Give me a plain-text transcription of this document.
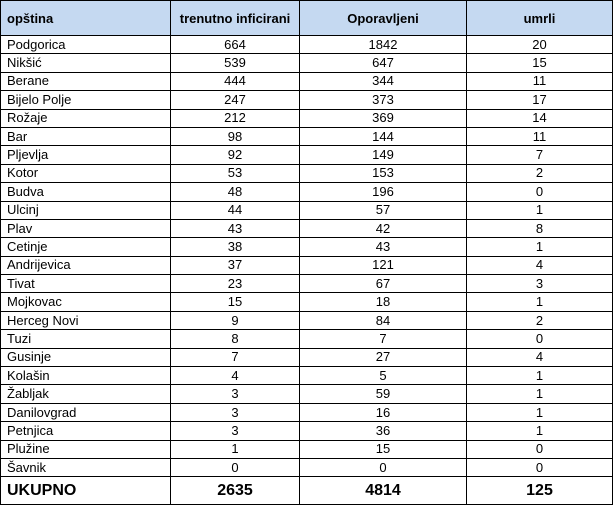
opština	trenutno inficirani	Oporavljeni	umrli
Podgorica	664	1842	20
Nikšić	539	647	15
Berane	444	344	11
Bijelo Polje	247	373	17
Rožaje	212	369	14
Bar	98	144	11
Pljevlja	92	149	7
Kotor	53	153	2
Budva	48	196	0
Ulcinj	44	57	1
Plav	43	42	8
Cetinje	38	43	1
Andrijevica	37	121	4
Tivat	23	67	3
Mojkovac	15	18	1
Herceg Novi	9	84	2
Tuzi	8	7	0
Gusinje	7	27	4
Kolašin	4	5	1
Žabljak	3	59	1
Danilovgrad	3	16	1
Petnjica	3	36	1
Plužine	1	15	0
Šavnik	0	0	0
UKUPNO	2635	4814	125
